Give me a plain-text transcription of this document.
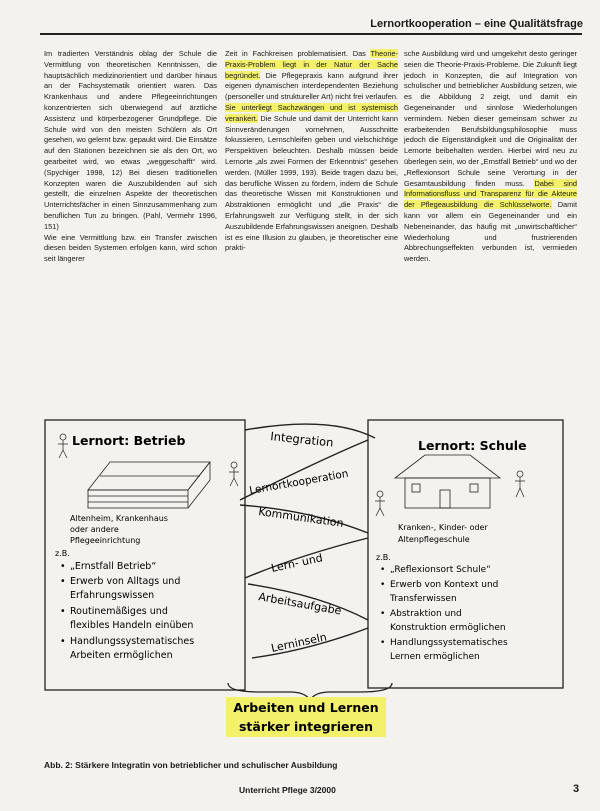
Lernortkooperation – eine Qualitätsfrage

Im tradierten Verständnis oblag der Schule die Vermittlung von theoretischen Kenntnissen, die hauptsächlich medizinorientiert und darüber hinaus an der Fachsystematik orientiert waren. Das Krankenhaus und andere Pflegeeinrichtungen konzentrierten sich überwiegend auf ärztliche Assistenz und körperbezogener Grundpflege. Die Schule wird von den meisten Schülern als Ort gesehen, wo gelernt bzw. gepaukt wird. Die Einsätze auf den Stationen bezeichnen sie als den Ort, wo gearbeitet wird, wo etwas „weggeschafft“ wird. (Spychiger 1998, 12) Bei diesen traditionellen Konzepten waren die Auszubildenden auf sich gestellt, die einzelnen Aspekte der theoretischen Unterrichtsfächer in einen Sinnzusammenhang zum beruflichen Tun zu bringen. (Pahl, Vermehr 1996, 151)

Wie eine Vermittlung bzw. ein Transfer zwischen diesen beiden Systemen erfolgen kann, wird schon seit längerer

Zeit in Fachkreisen problematisiert. Das Theorie-Praxis-Problem liegt in der Natur der Sache begründet. Die Pflegepraxis kann aufgrund ihrer eigenen dynamischen interdependenten Beziehung (personeller und struktureller Art) nicht frei verlaufen. Sie unterliegt Sachzwängen und ist systemisch verankert. Die Schule und damit der Unterricht kann Sinnveränderungen vornehmen, Ausschnitte fokussieren, Lernschleifen geben und vielschichtige Perspektiven beleuchten. Deshalb müssen beide Lernorte „als zwei Formen der Erkenntnis“ gesehen werden. (Müller 1999, 193). Beide tragen dazu bei, das berufliche Wissen zu fördern, indem die Schule das theoretische Wissen mit Konstruktionen und Abstraktionen ermöglicht und „die Praxis“ die Erfahrungswelt zur Verfügung stellt, in der sich Auszubildende Erfahrungswissen aneignen. Deshalb ist es eine Illusion zu glauben, je theoretischer eine prakti-

sche Ausbildung wird und umgekehrt desto geringer seien die Theorie-Praxis-Probleme. Die Zukunft liegt jedoch in Konzepten, die auf Integration von schulischer und betrieblicher Ausbildung setzen, wie es die Abbildung 2 zeigt, und damit ein Gegeneinander und sinnlose Wiederholungen vermindern. Neben dieser gemeinsam schwer zu erarbeitenden Berufsbildungsphilosophie muss jedoch die Eigenständigkeit und die Originalität der Lernorte beibehalten werden. Hierbei wird neu zu überlegen sein, wo der „Ernstfall Betrieb“ und wo der „Reflexionsort Schule seine Verortung in der Gesamtausbildung finden muss. Dabei sind Informationsfluss und Transparenz für die Akteure der Pflegeausbildung die Schlüsselworte. Damit kann vor allem ein Gegeneinander und ein Nebeneinander, das häufig mit „unwirtschaftlicher“ Wiederholung und frustrierenden Abbrechungseffekten verbunden ist, vermieden werden.

Integration
Lernortkooperation
Kommunikation
Lern- und
Arbeitsaufgabe
Lerninseln
Lernort: Betrieb
Altenheim, Krankenhaus
oder andere
Pflegeeinrichtung
z.B.
• „Ernstfall Betrieb“
• Erwerb von Alltags und
Erfahrungswissen
• Routinemäßiges und
flexibles Handeln einüben
• Handlungssystematisches
Arbeiten ermöglichen
Lernort: Schule
Kranken-, Kinder- oder
Altenpflegeschule
z.B.
• „Reflexionsort Schule“
• Erwerb von Kontext und
Transferwissen
• Abstraktion und
Konstruktion ermöglichen
• Handlungssystematisches
Lernen ermöglichen
Arbeiten und Lernen
stärker integrieren
Abb. 2: Stärkere Integratin von betrieblicher und schulischer Ausbildung
Unterricht Pflege 3/2000	3
